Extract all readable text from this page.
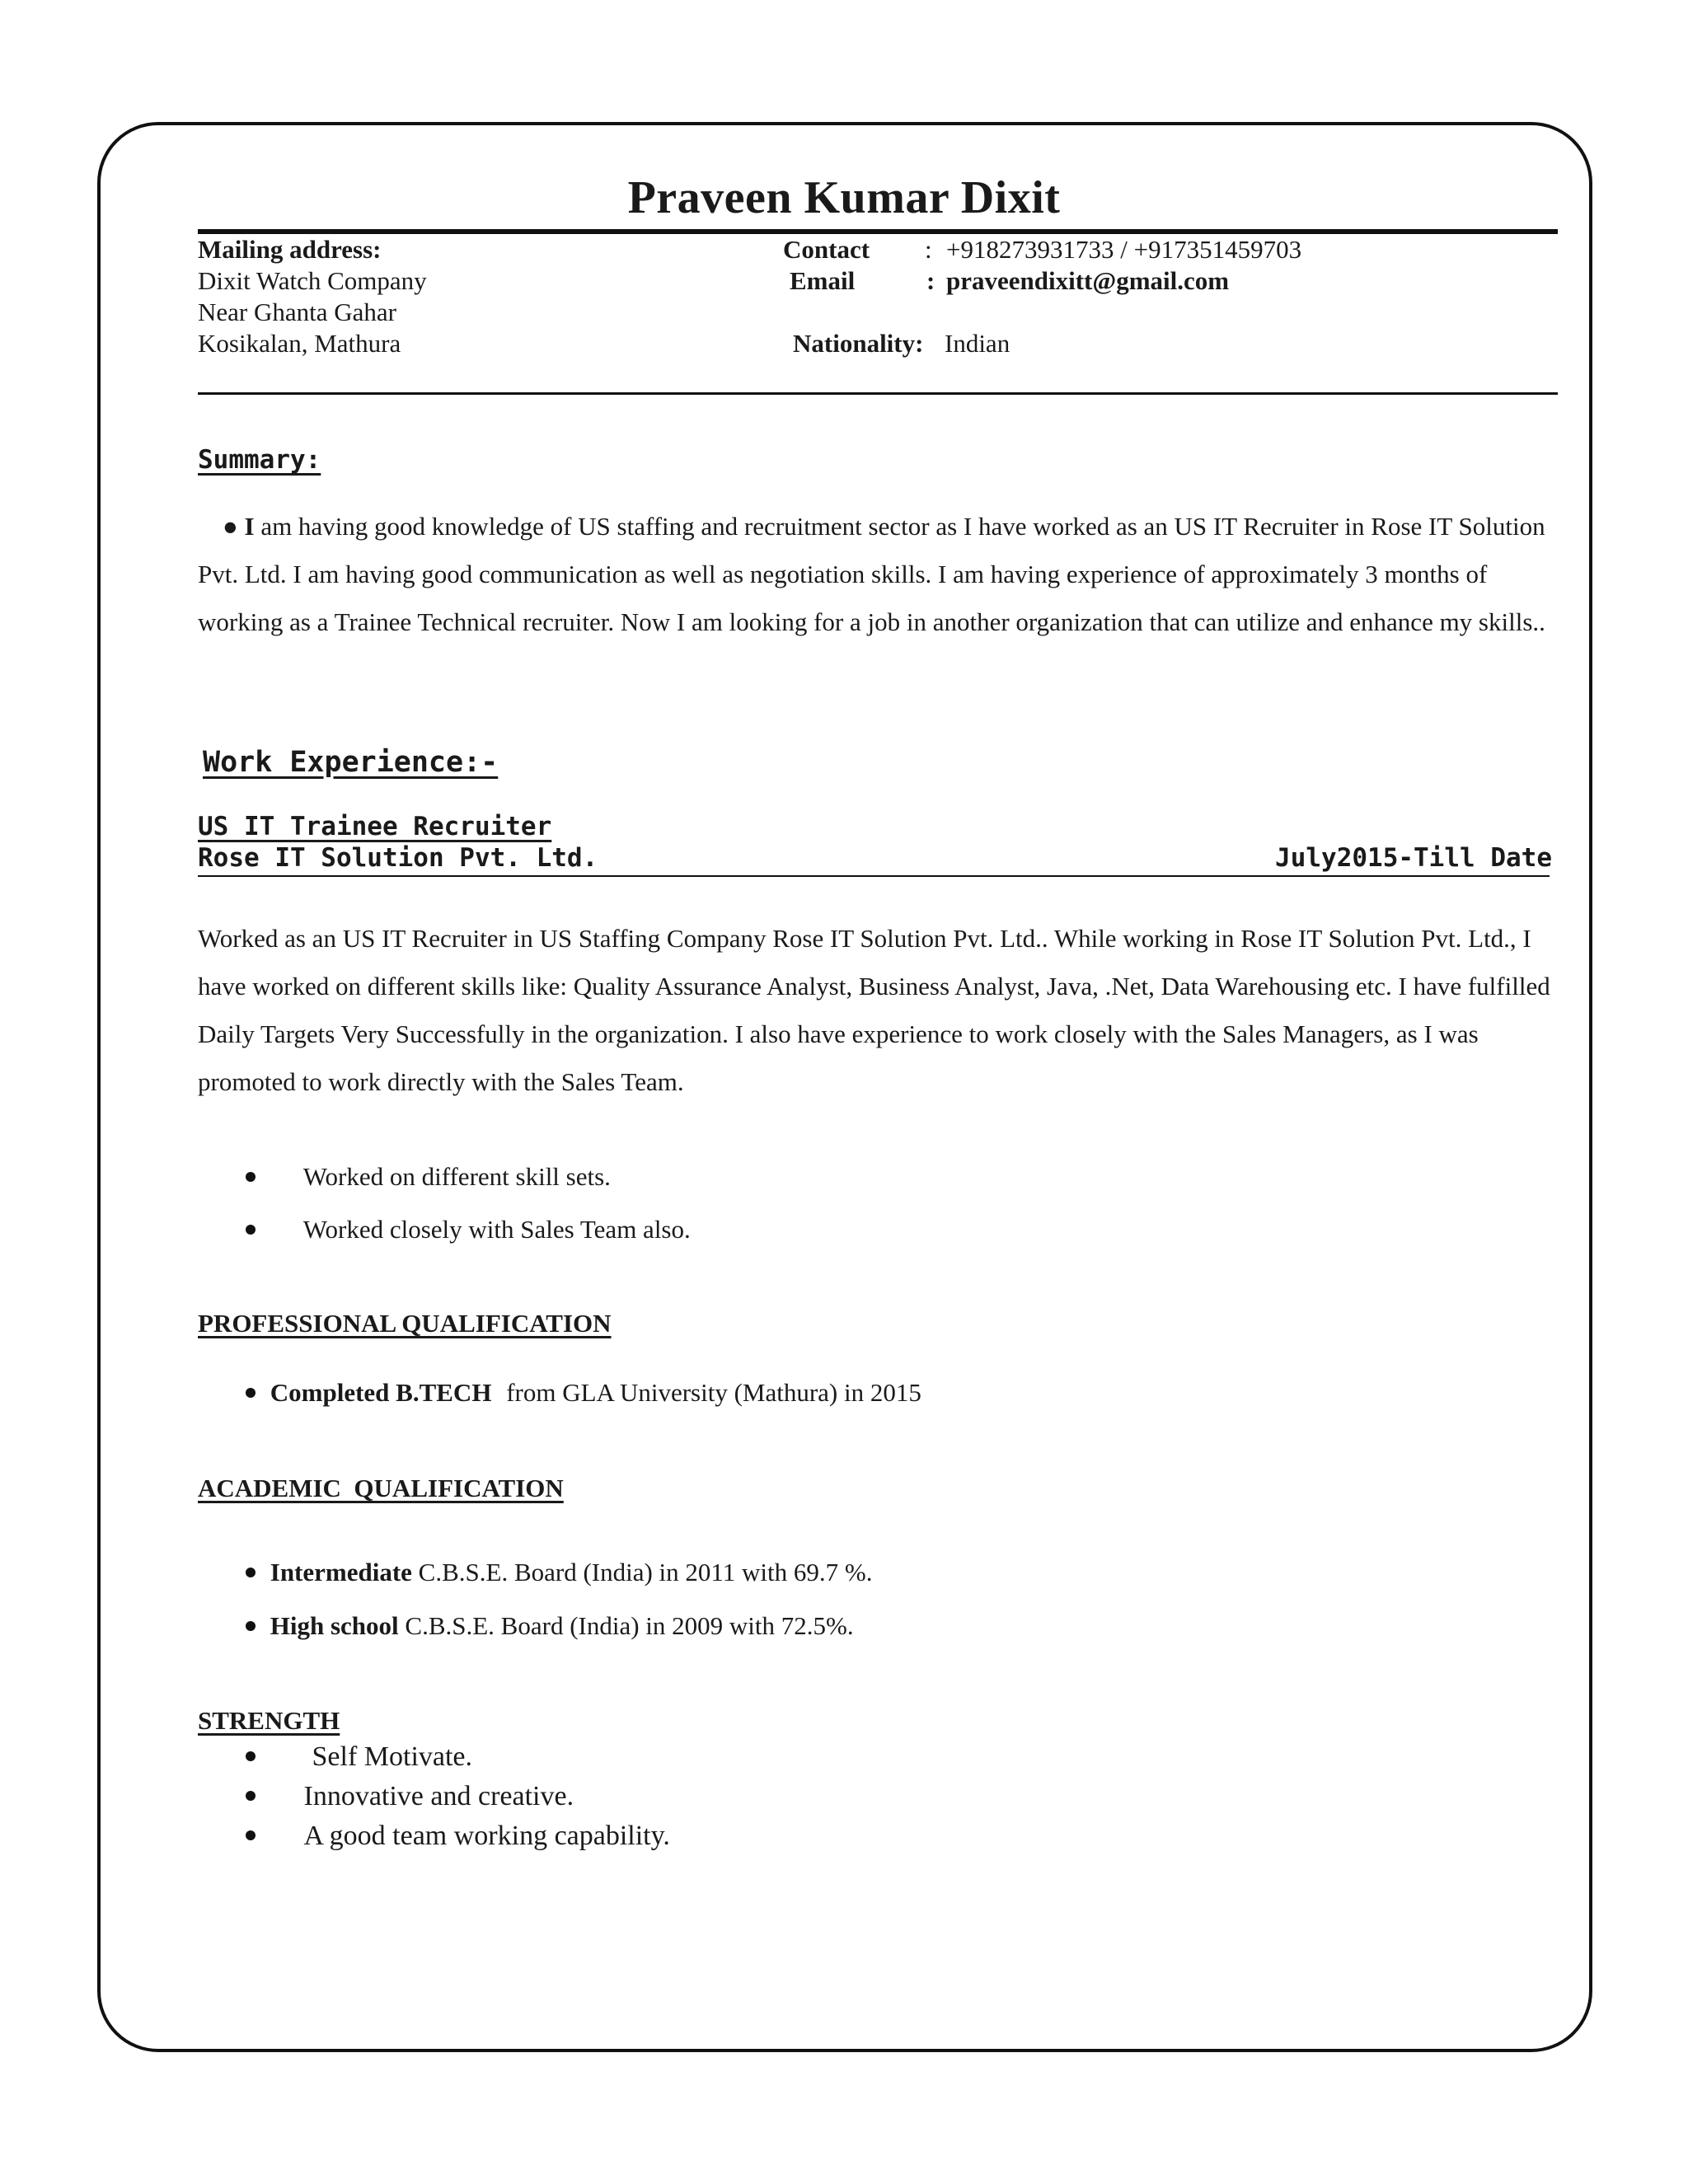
Praveen Kumar Dixit
Mailing address:
Dixit Watch Company
Near Ghanta Gahar
Kosikalan, Mathura
Contact : +918273931733 / +917351459703
Email	: praveendixitt@gmail.com
Nationality: Indian
Summary:
● I am having good knowledge of US staffing and recruitment sector as I have worked as an US IT Recruiter in Rose IT Solution Pvt. Ltd. I am having good communication as well as negotiation skills. I am having experience of approximately 3 months of working as a Trainee Technical recruiter. Now I am looking for a job in another organization that can utilize and enhance my skills..
Work Experience:-
US IT Trainee Recruiter
Rose IT Solution Pvt. Ltd.	July2015-Till Date
Worked as an US IT Recruiter in US Staffing Company Rose IT Solution Pvt. Ltd.. While working in Rose IT Solution Pvt. Ltd., I have worked on different skills like: Quality Assurance Analyst, Business Analyst, Java, .Net, Data Warehousing etc. I have fulfilled Daily Targets Very Successfully in the organization. I also have experience to work closely with the Sales Managers, as I was promoted to work directly with the Sales Team.
Worked on different skill sets.
Worked closely with Sales Team also.
PROFESSIONAL QUALIFICATION
Completed B.TECH from GLA University (Mathura) in 2015
ACADEMIC  QUALIFICATION
Intermediate C.B.S.E. Board (India) in 2011 with 69.7 %.
High school C.B.S.E. Board (India) in 2009 with 72.5%.
STRENGTH
Self Motivate.
Innovative and creative.
A good team working capability.
